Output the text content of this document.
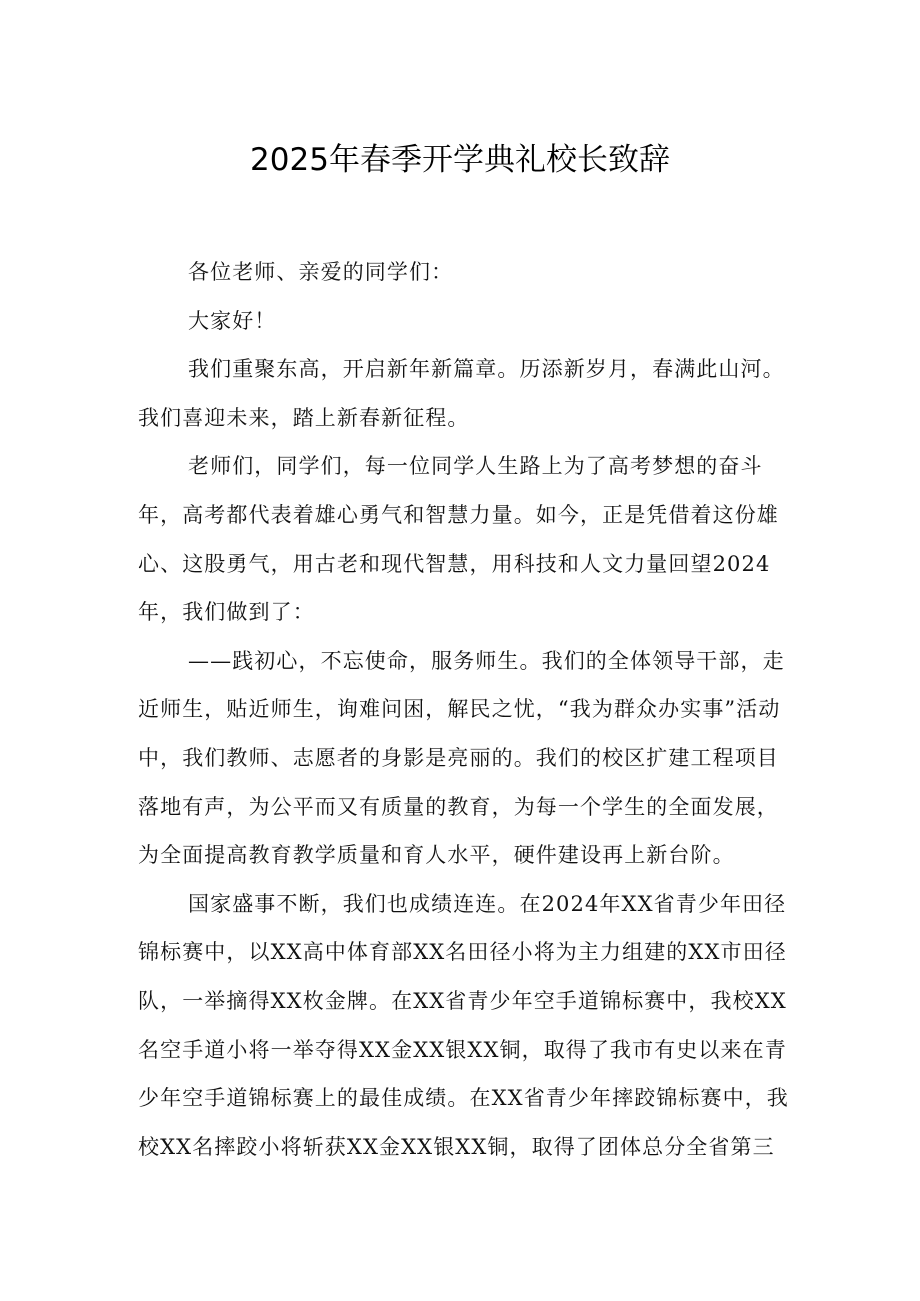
2025年春季开学典礼校长致辞

各位老师、亲爱的同学们：

大家好！

我们重聚东高，开启新年新篇章。历添新岁月，春满此山河。我们喜迎未来，踏上新春新征程。

老师们，同学们，每一位同学人生路上为了高考梦想的奋斗年，高考都代表着雄心勇气和智慧力量。如今，正是凭借着这份雄心、这股勇气，用古老和现代智慧，用科技和人文力量回望2024年，我们做到了：

——践初心，不忘使命，服务师生。我们的全体领导干部，走近师生，贴近师生，询难问困，解民之忧，“我为群众办实事”活动中，我们教师、志愿者的身影是亮丽的。我们的校区扩建工程项目落地有声，为公平而又有质量的教育，为每一个学生的全面发展，为全面提高教育教学质量和育人水平，硬件建设再上新台阶。

国家盛事不断，我们也成绩连连。在2024年XX省青少年田径锦标赛中，以XX高中体育部XX名田径小将为主力组建的XX市田径队，一举摘得XX枚金牌。在XX省青少年空手道锦标赛中，我校XX名空手道小将一举夺得XX金XX银XX铜，取得了我市有史以来在青少年空手道锦标赛上的最佳成绩。在XX省青少年摔跤锦标赛中，我校XX名摔跤小将斩获XX金XX银XX铜，取得了团体总分全省第三
